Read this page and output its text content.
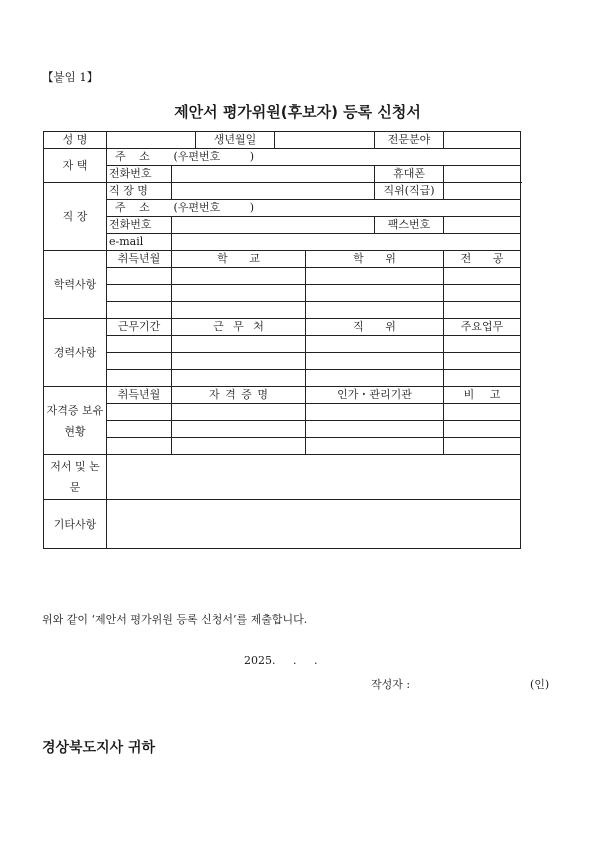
【붙임 1】
제안서 평가위원(후보자) 등록 신청서
성 명			생년월일			전문분야	
자 택	주 소	(우편번호 )					
	전화번호					휴대폰	
직 장	직 장 명					직위(직급)	
	주 소	(우편번호 )					
	전화번호					팩스번호	
	e-mail						
학력사항	취득년월	학 교			학 위		전 공

경력사항	근무기간	근 무 처			직 위		주요업무

자격증 보유현황	취득년월	자 격 증 명			인가・관리기관		비 고

저서 및 논문							
기타사항							
위와 같이 ‘제안서 평가위원 등록 신청서’를 제출합니다.
2025. . .
작성자 :	(인)
경상북도지사 귀하
